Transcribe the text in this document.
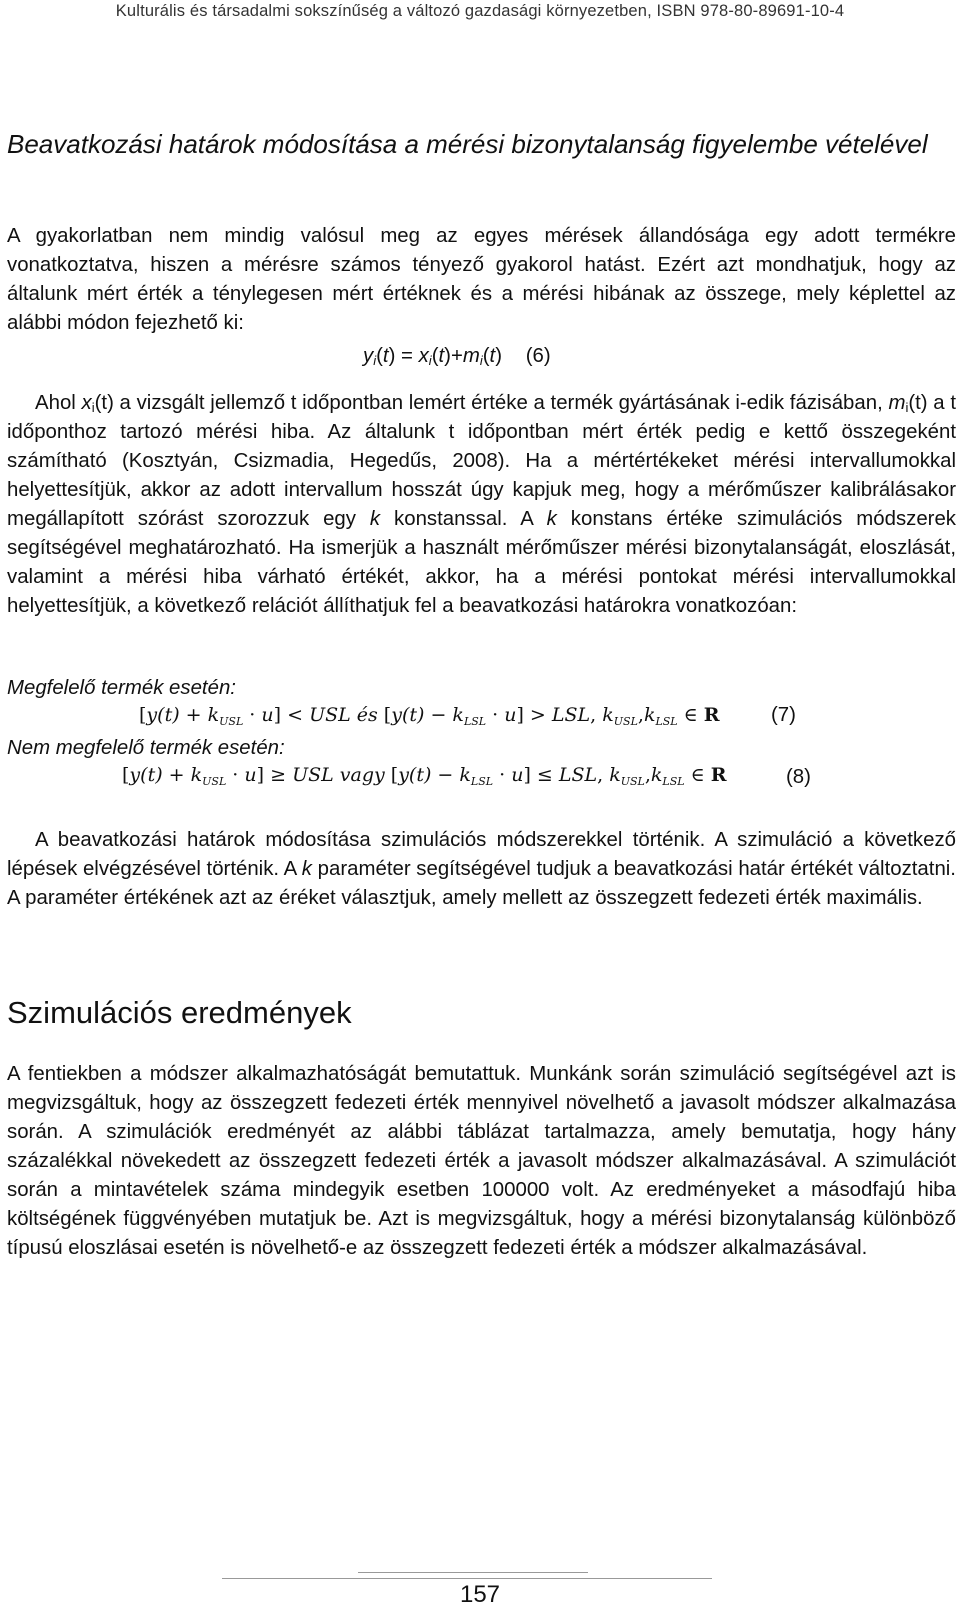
Kulturális és társadalmi sokszínűség a változó gazdasági környezetben, ISBN 978-80-89691-10-4
Beavatkozási határok módosítása a mérési bizonytalanság figyelembe vételével

A gyakorlatban nem mindig valósul meg az egyes mérések állandósága egy adott termékre vonatkoztatva, hiszen a mérésre számos tényező gyakorol hatást. Ezért azt mondhatjuk, hogy az általunk mért érték a ténylegesen mért értéknek és a mérési hibának az összege, mely képlettel az alábbi módon fejezhető ki:

$y_i(t) = x_i(t)+m_i(t)$ (6)

Ahol $x_i(t)$ a vizsgált jellemző t időpontban lemért értéke a termék gyártásának i-edik fázisában, $m_i(t)$ a t időponthoz tartozó mérési hiba. Az általunk t időpontban mért érték pedig e kettő összegeként számítható (Kosztyán, Csizmadia, Hegedűs, 2008). Ha a mértértékeket mérési intervallumokkal helyettesítjük, akkor az adott intervallum hosszát úgy kapjuk meg, hogy a mérőműszer kalibrálásakor megállapított szórást szorozzuk egy k konstanssal. A k konstans értéke szimulációs módszerek segítségével meghatározható. Ha ismerjük a használt mérőműszer mérési bizonytalanságát, eloszlását, valamint a mérési hiba várható értékét, akkor, ha a mérési pontokat mérési intervallumokkal helyettesítjük, a következő relációt állíthatjuk fel a beavatkozási határokra vonatkozóan:

Megfelelő termék esetén:
$[y(t) + k_{USL} \cdot u]$ < USL és $[y(t) - k_{LSL} \cdot u]$ > LSL, $k_{USL},k_{LSL}$ ∈ R	(7)
Nem megfelelő termék esetén:
$[y(t) + k_{USL} \cdot u]$ ≥ USL vagy $[y(t) - k_{LSL} \cdot u]$ ≤ LSL, $k_{USL},k_{LSL}$ ∈ R	(8)

A beavatkozási határok módosítása szimulációs módszerekkel történik. A szimuláció a következő lépések elvégzésével történik. A k paraméter segítségével tudjuk a beavatkozási határ értékét változtatni. A paraméter értékének azt az éréket választjuk, amely mellett az összegzett fedezeti érték maximális.

Szimulációs eredmények

A fentiekben a módszer alkalmazhatóságát bemutattuk. Munkánk során szimuláció segítségével azt is megvizsgáltuk, hogy az összegzett fedezeti érték mennyivel növelhető a javasolt módszer alkalmazása során. A szimulációk eredményét az alábbi táblázat tartalmazza, amely bemutatja, hogy hány százalékkal növekedett az összegzett fedezeti érték a javasolt módszer alkalmazásával. A szimulációt során a mintavételek száma mindegyik esetben 100000 volt. Az eredményeket a másodfajú hiba költségének függvényében mutatjuk be. Azt is megvizsgáltuk, hogy a mérési bizonytalanság különböző típusú eloszlásai esetén is növelhető-e az összegzett fedezeti érték a módszer alkalmazásával.

157
